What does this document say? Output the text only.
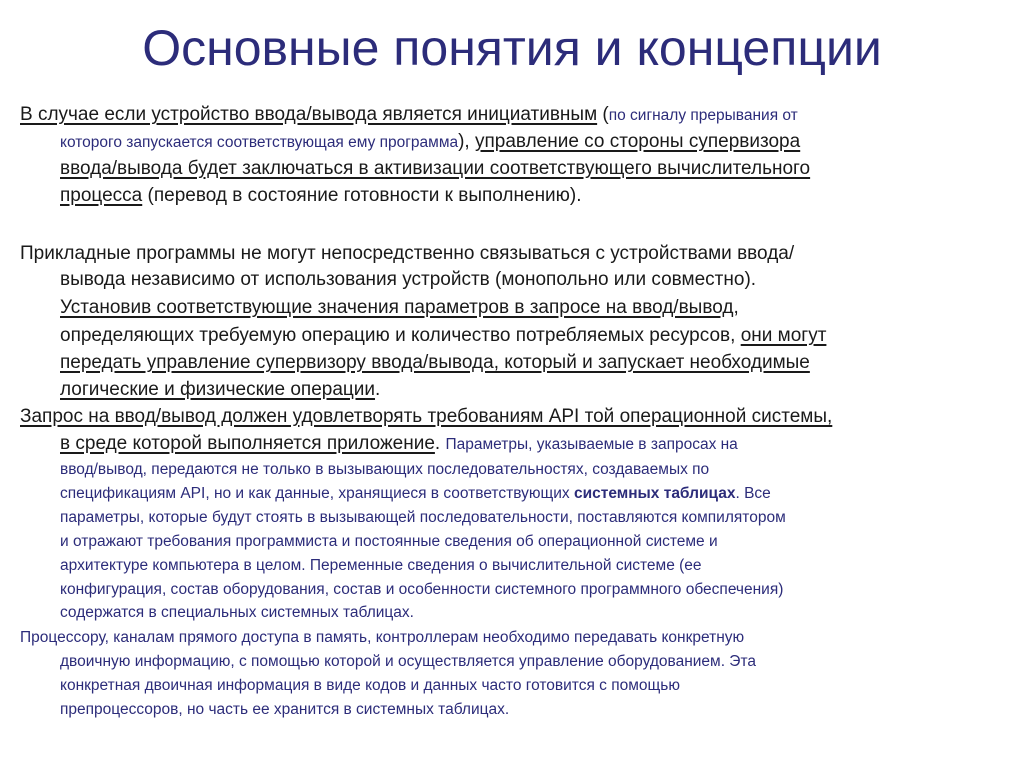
Основные понятия и концепции
В случае если устройство ввода/вывода является инициативным (по сигналу прерывания от
которого запускается соответствующая ему программа), управление со стороны супервизора
ввода/вывода будет заключаться в активизации соответствующего вычислительного
процесса (перевод в состояние готовности к выполнению).
Прикладные программы не могут непосредственно связываться с устройствами ввода/
вывода независимо от использования устройств (монопольно или совместно).
Установив соответствующие значения параметров в запросе на ввод/вывод,
определяющих требуемую операцию и количество потребляемых ресурсов, они могут
передать управление супервизору ввода/вывода, который и запускает необходимые
логические и физические операции.
Запрос на ввод/вывод должен удовлетворять требованиям API той операционной системы,
в среде которой выполняется приложение. Параметры, указываемые в запросах на
ввод/вывод, передаются не только в вызывающих последовательностях, создаваемых по
спецификациям API, но и как данные, хранящиеся в соответствующих системных таблицах. Все
параметры, которые будут стоять в вызывающей последовательности, поставляются компилятором
и отражают требования программиста и постоянные сведения об операционной системе и
архитектуре компьютера в целом. Переменные сведения о вычислительной системе (ее
конфигурация, состав оборудования, состав и особенности системного программного обеспечения)
содержатся в специальных системных таблицах.
Процессору, каналам прямого доступа в память, контроллерам необходимо передавать конкретную
двоичную информацию, с помощью которой и осуществляется управление оборудованием. Эта
конкретная двоичная информация в виде кодов и данных часто готовится с помощью
препроцессоров, но часть ее хранится в системных таблицах.
